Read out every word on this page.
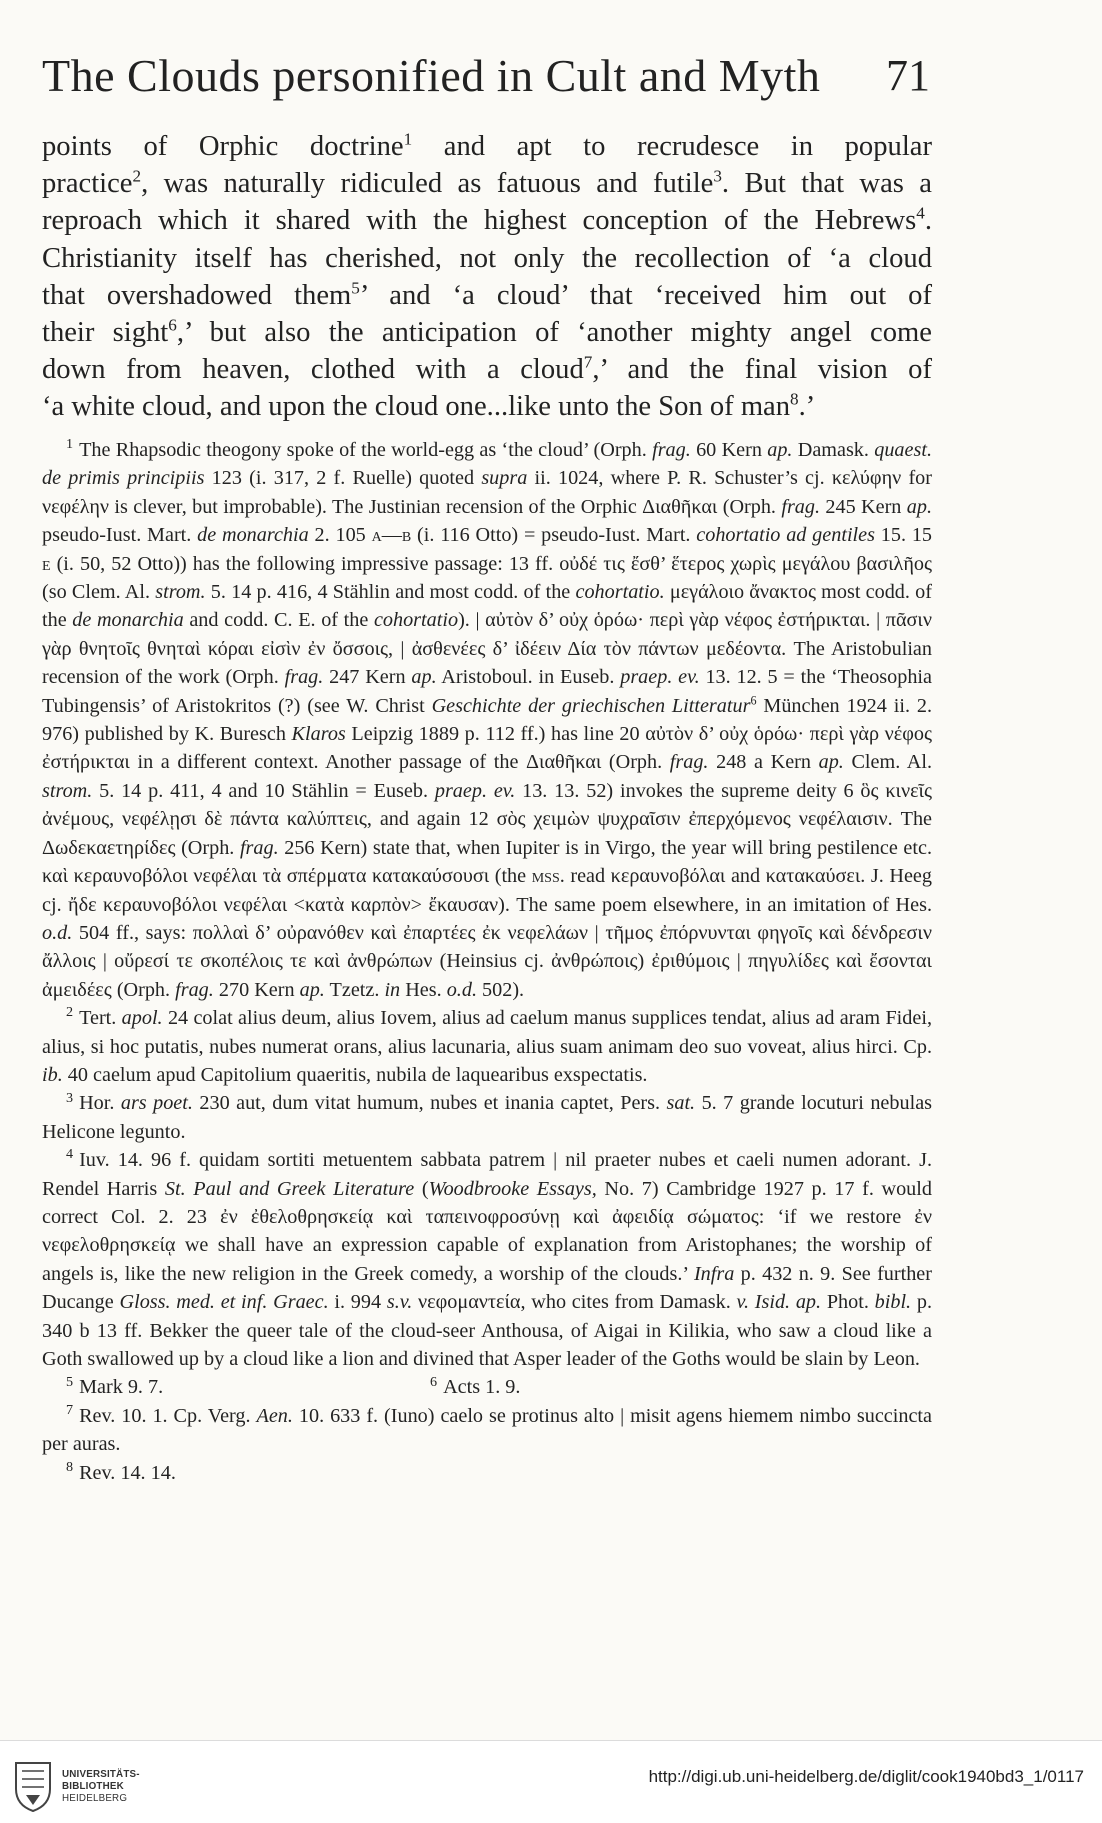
The Clouds personified in Cult and Myth	71
points of Orphic doctrine$^1$ and apt to recrudesce in popular
practice$^2$, was naturally ridiculed as fatuous and futile$^3$. But that was a
reproach which it shared with the highest conception of the Hebrews$^4$.
Christianity itself has cherished, not only the recollection of ‘a cloud
that overshadowed them$^5$’ and ‘a cloud’ that ‘received him out of
their sight$^6$,’ but also the anticipation of ‘another mighty angel come
down from heaven, clothed with a cloud$^7$,’ and the final vision of
‘a white cloud, and upon the cloud one...like unto the Son of man$^8$.’

$^1$ The Rhapsodic theogony spoke of the world-egg as ‘the cloud’ (Orph. frag. 60 Kern ap. Damask. quaest. de primis principiis 123 (i. 317, 2 f. Ruelle) quoted supra ii. 1024, where P. R. Schuster’s cj. κελύφην for νεφέλην is clever, but improbable). The Justinian recension of the Orphic Διαθῆκαι (Orph. frag. 245 Kern ap. pseudo-Iust. Mart. de monarchia 2. 105 a—b (i. 116 Otto) = pseudo-Iust. Mart. cohortatio ad gentiles 15. 15 e (i. 50, 52 Otto)) has the following impressive passage: 13 ff. οὐδέ τις ἔσθ’ ἕτερος χωρὶς μεγάλου βασιλῆος (so Clem. Al. strom. 5. 14 p. 416, 4 Stählin and most codd. of the cohortatio. μεγάλοιο ἄνακτος most codd. of the de monarchia and codd. C. E. of the cohortatio). | αὐτὸν δ’ οὐχ ὁρόω· περὶ γὰρ νέφος ἐστήρικται. | πᾶσιν γὰρ θνητοῖς θνηταὶ κόραι εἰσὶν ἐν ὄσσοις, | ἀσθενέες δ’ ἰδέειν Δία τὸν πάντων μεδέοντα. The Aristobulian recension of the work (Orph. frag. 247 Kern ap. Aristoboul. in Euseb. praep. ev. 13. 12. 5 = the ‘Theosophia Tubingensis’ of Aristokritos (?) (see W. Christ Geschichte der griechischen Litteratur$^6$ München 1924 ii. 2. 976) published by K. Buresch Klaros Leipzig 1889 p. 112 ff.) has line 20 αὐτὸν δ’ οὐχ ὁρόω· περὶ γὰρ νέφος ἐστήρικται in a different context. Another passage of the Διαθῆκαι (Orph. frag. 248 a Kern ap. Clem. Al. strom. 5. 14 p. 411, 4 and 10 Stählin = Euseb. praep. ev. 13. 13. 52) invokes the supreme deity 6 ὃς κινεῖς ἀνέμους, νεφέλῃσι δὲ πάντα καλύπτεις, and again 12 σὸς χειμὼν ψυχραῖσιν ἐπερχόμενος νεφέλαισιν. The Δωδεκαετηρίδες (Orph. frag. 256 Kern) state that, when Iupiter is in Virgo, the year will bring pestilence etc. καὶ κεραυνοβόλοι νεφέλαι τὰ σπέρματα κατακαύσουσι (the mss. read κεραυνοβόλαι and κατακαύσει. J. Heeg cj. ἤδε κεραυνοβόλοι νεφέλαι <κατὰ καρπὸν> ἔκαυσαν). The same poem elsewhere, in an imitation of Hes. o.d. 504 ff., says: πολλαὶ δ’ οὐρανόθεν καὶ ἐπαρτέες ἐκ νεφελάων | τῆμος ἐπόρνυνται φηγοῖς καὶ δένδρεσιν ἄλλοις | οὔρεσί τε σκοπέλοις τε καὶ ἀνθρώπων (Heinsius cj. ἀνθρώποις) ἐριθύμοις | πηγυλίδες καὶ ἔσονται ἀμειδέες (Orph. frag. 270 Kern ap. Tzetz. in Hes. o.d. 502).

$^2$ Tert. apol. 24 colat alius deum, alius Iovem, alius ad caelum manus supplices tendat, alius ad aram Fidei, alius, si hoc putatis, nubes numerat orans, alius lacunaria, alius suam animam deo suo voveat, alius hirci. Cp. ib. 40 caelum apud Capitolium quaeritis, nubila de laquearibus exspectatis.

$^3$ Hor. ars poet. 230 aut, dum vitat humum, nubes et inania captet, Pers. sat. 5. 7 grande locuturi nebulas Helicone legunto.

$^4$ Iuv. 14. 96 f. quidam sortiti metuentem sabbata patrem | nil praeter nubes et caeli numen adorant. J. Rendel Harris St. Paul and Greek Literature (Woodbrooke Essays, No. 7) Cambridge 1927 p. 17 f. would correct Col. 2. 23 ἐν ἐθελοθρησκείᾳ καὶ ταπεινοφροσύνῃ καὶ ἀφειδίᾳ σώματος: ‘if we restore ἐν νεφελοθρησκείᾳ we shall have an expression capable of explanation from Aristophanes; the worship of angels is, like the new religion in the Greek comedy, a worship of the clouds.’ Infra p. 432 n. 9. See further Ducange Gloss. med. et inf. Graec. i. 994 s.v. νεφομαντεία, who cites from Damask. v. Isid. ap. Phot. bibl. p. 340 b 13 ff. Bekker the queer tale of the cloud-seer Anthousa, of Aigai in Kilikia, who saw a cloud like a Goth swallowed up by a cloud like a lion and divined that Asper leader of the Goths would be slain by Leon.

$^5$ Mark 9. 7.	$^6$ Acts 1. 9.

$^7$ Rev. 10. 1. Cp. Verg. Aen. 10. 633 f. (Iuno) caelo se protinus alto | misit agens hiemem nimbo succincta per auras.

$^8$ Rev. 14. 14.

UNIVERSITÄTS-
BIBLIOTHEK
HEIDELBERG
http://digi.ub.uni-heidelberg.de/diglit/cook1940bd3_1/0117
